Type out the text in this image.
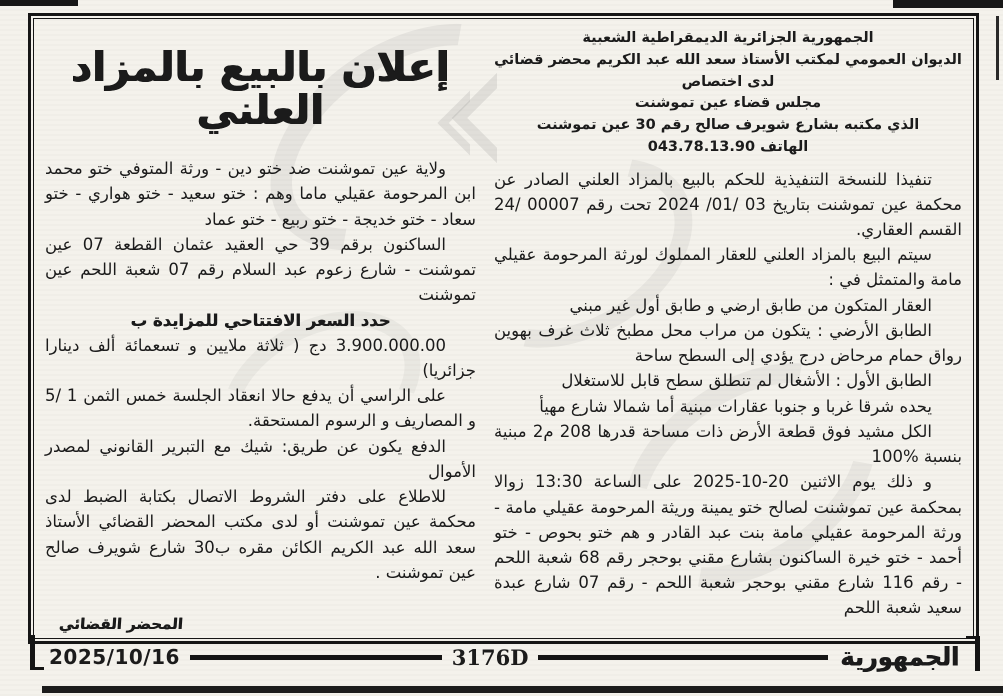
الجمهورية الجزائرية الديمقراطية الشعبية
الديوان العمومي لمكتب الأستاذ سعد الله عبد الكريم محضر قضائي لدى اختصاص
مجلس قضاء عين تموشنت
الذي مكتبه بشارع شويرف صالح رقم 30 عين تموشنت
الهاتف 043.78.13.90

تنفيذا للنسخة التنفيذية للحكم بالبيع بالمزاد العلني الصادر عن محكمة عين تموشنت بتاريخ 03 /01/ 2024 تحت رقم 00007 /24 القسم العقاري.

سيتم البيع بالمزاد العلني للعقار المملوك لورثة المرحومة عقيلي مامة والمتمثل في :

العقار المتكون من طابق ارضي و طابق أول غير مبني

الطابق الأرضي : يتكون من مراب محل مطبخ ثلاث غرف بهوين رواق حمام مرحاض درج يؤدي إلى السطح ساحة

الطابق الأول : الأشغال لم تنطلق سطح قابل للاستغلال

يحده شرقا غربا و جنوبا عقارات مبنية أما شمالا شارع مهيأ

الكل مشيد فوق قطعة الأرض ذات مساحة قدرها 208 م2 مبنية بنسبة %100

و ذلك يوم الاثنين 20-10-2025 على الساعة 13:30 زوالا بمحكمة عين تموشنت لصالح ختو يمينة وريثة المرحومة عقيلي مامة - ورثة المرحومة عقيلي مامة بنت عبد القادر و هم ختو بحوص - ختو أحمد - ختو خيرة الساكنون بشارع مقني بوحجر رقم 68 شعبة اللحم - رقم 116 شارع مقني بوحجر شعبة اللحم - رقم 07 شارع عبدة سعيد شعبة اللحم

إعلان بالبيع بالمزاد العلني

ولاية عين تموشنت ضد ختو دين - ورثة المتوفي ختو محمد ابن المرحومة عقيلي ماما وهم : ختو سعيد - ختو هواري - ختو سعاد - ختو خديجة - ختو ربيع - ختو عماد

الساكنون برقم 39 حي العقيد عثمان القطعة 07 عين تموشنت - شارع زعوم عبد السلام رقم 07 شعبة اللحم عين تموشنت

حدد السعر الافتتاحي للمزايدة ب

3.900.000.00 دج ( ثلاثة ملايين و تسعمائة ألف دينارا جزائريا)

على الراسي أن يدفع حالا انعقاد الجلسة خمس الثمن 1 /5 و المصاريف و الرسوم المستحقة.

الدفع يكون عن طريق: شيك مع التبرير القانوني لمصدر الأموال

للاطلاع على دفتر الشروط الاتصال بكتابة الضبط لدى محكمة عين تموشنت أو لدى مكتب المحضر القضائي الأستاذ سعد الله عبد الكريم الكائن مقره ب30 شارع شويرف صالح عين تموشنت .

المحضر القضائي
2025/10/16	3176D	الجمهورية
